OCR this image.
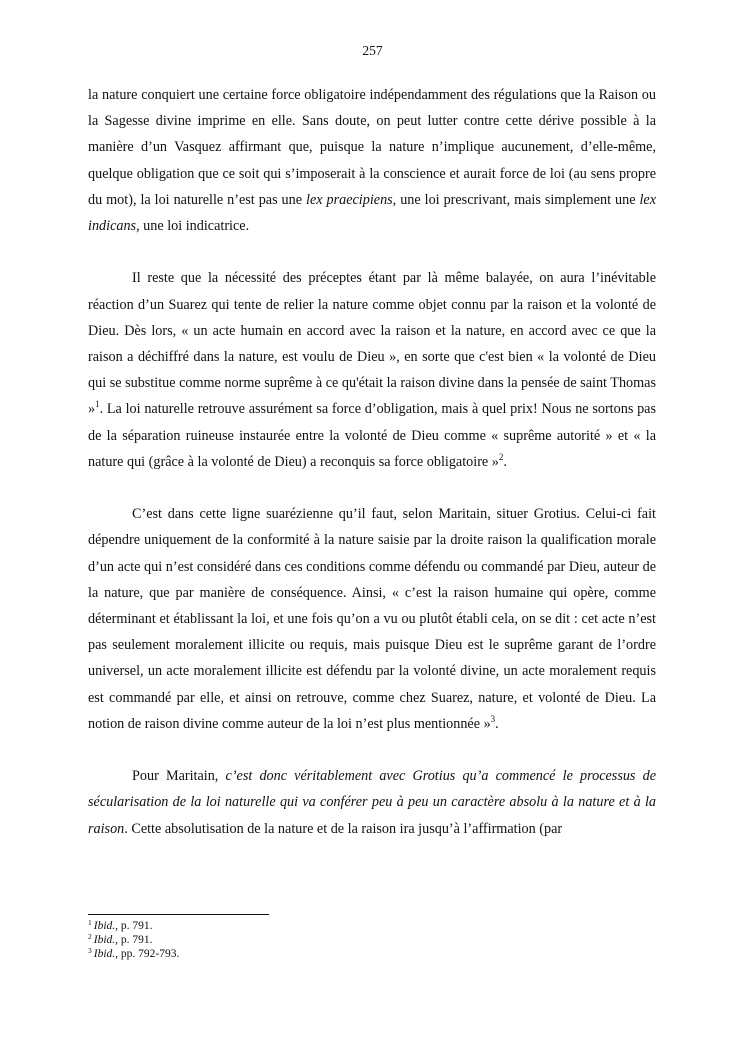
257

la nature conquiert une certaine force obligatoire indépendamment des régulations que la Raison ou la Sagesse divine imprime en elle. Sans doute, on peut lutter contre cette dérive possible à la manière d’un Vasquez affirmant que, puisque la nature n’implique aucunement, d’elle-même, quelque obligation que ce soit qui s’imposerait à la conscience et aurait force de loi (au sens propre du mot), la loi naturelle n’est pas une lex praecipiens, une loi prescrivant, mais simplement une lex indicans, une loi indicatrice.

Il reste que la nécessité des préceptes étant par là même balayée, on aura l’inévitable réaction d’un Suarez qui tente de relier la nature comme objet connu par la raison et la volonté de Dieu. Dès lors, « un acte humain en accord avec la raison et la nature, en accord avec ce que la raison a déchiffré dans la nature, est voulu de Dieu », en sorte que c'est bien « la volonté de Dieu qui se substitue comme norme suprême à ce qu'était la raison divine dans la pensée de saint Thomas »$^1$. La loi naturelle retrouve assurément sa force d’obligation, mais à quel prix! Nous ne sortons pas de la séparation ruineuse instaurée entre la volonté de Dieu comme « suprême autorité » et « la nature qui (grâce à la volonté de Dieu) a reconquis sa force obligatoire »$^2$.

C’est dans cette ligne suarézienne qu’il faut, selon Maritain, situer Grotius. Celui-ci fait dépendre uniquement de la conformité à la nature saisie par la droite raison la qualification morale d’un acte qui n’est considéré dans ces conditions comme défendu ou commandé par Dieu, auteur de la nature, que par manière de conséquence. Ainsi, « c’est la raison humaine qui opère, comme déterminant et établissant la loi, et une fois qu’on a vu ou plutôt établi cela, on se dit : cet acte n’est pas seulement moralement illicite ou requis, mais puisque Dieu est le suprême garant de l’ordre universel, un acte moralement illicite est défendu par la volonté divine, un acte moralement requis est commandé par elle, et ainsi on retrouve, comme chez Suarez, nature, et volonté de Dieu. La notion de raison divine comme auteur de la loi n’est plus mentionnée »$^3$.

Pour Maritain, c’est donc véritablement avec Grotius qu’a commencé le processus de sécularisation de la loi naturelle qui va conférer peu à peu un caractère absolu à la nature et à la raison. Cette absolutisation de la nature et de la raison ira jusqu’à l’affirmation (par

$^1$ Ibid., p. 791.
$^2$ Ibid., p. 791.
$^3$ Ibid., pp. 792-793.
